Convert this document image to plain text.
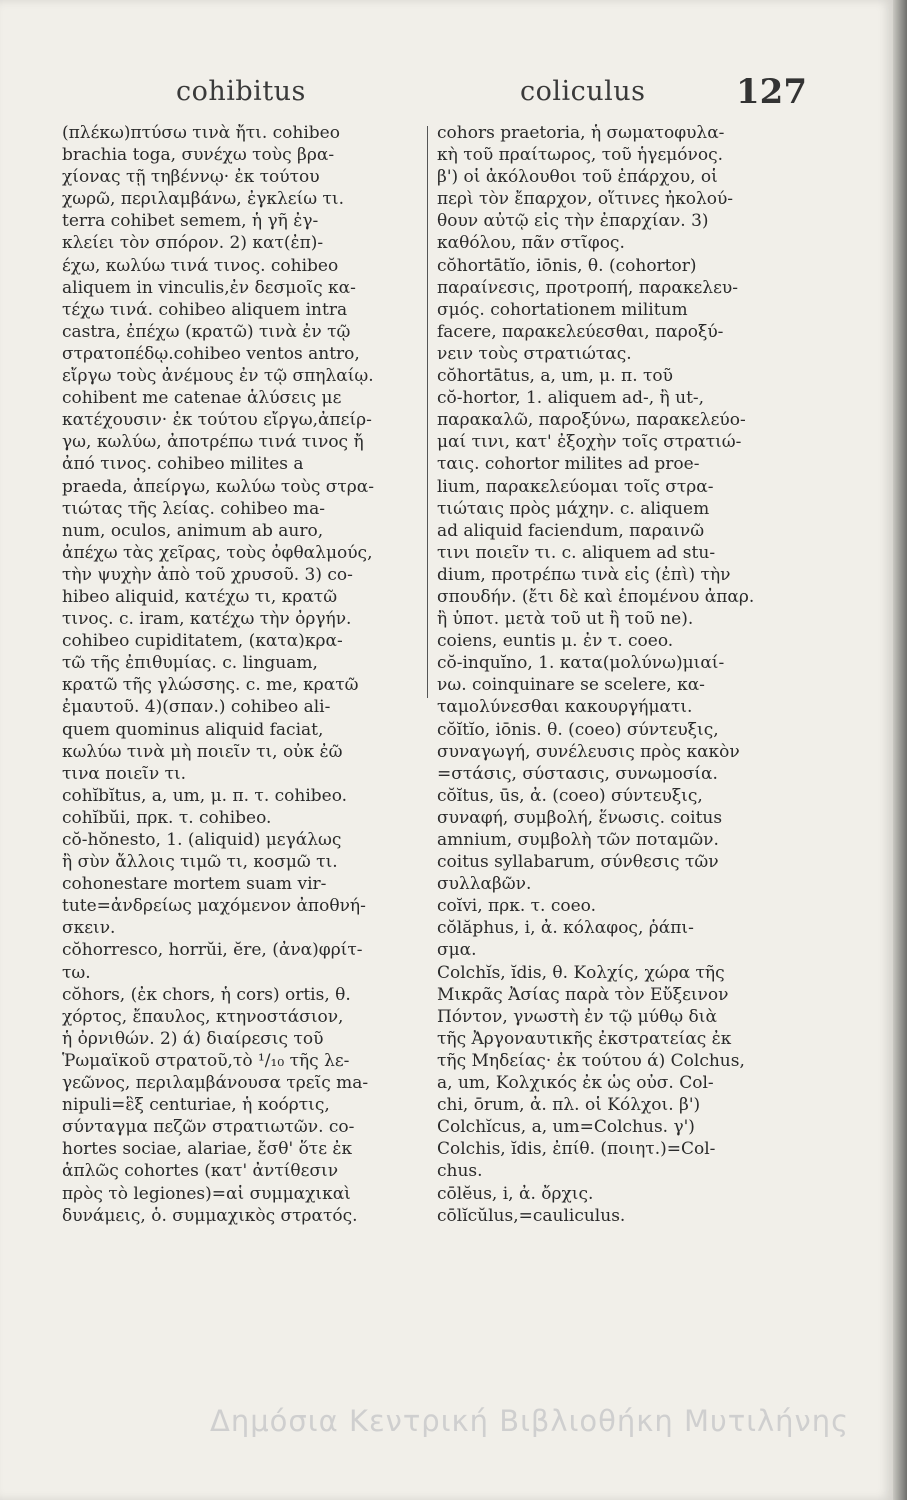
cohibitus	coliculus	127
(πλέκω)πτύσω τινὰ ἤτι. cohibeo
brachia toga, συνέχω τοὺς βρα-
χίονας τῇ τηβέννῳ· ἐκ τούτου
χωρῶ, περιλαμβάνω, ἐγκλείω τι.
terra cohibet semem, ἡ γῆ ἐγ-
κλείει τὸν σπόρον. 2) κατ(ἐπ)-
έχω, κωλύω τινά τινος. cohibeo
aliquem in vinculis,ἐν δεσμοῖς κα-
τέχω τινά. cohibeo aliquem intra
castra, ἐπέχω (κρατῶ) τινὰ ἐν τῷ
στρατοπέδῳ.cohibeo ventos antro,
εἴργω τοὺς ἀνέμους ἐν τῷ σπηλαίῳ.
cohibent me catenae ἁλύσεις με
κατέχουσιν· ἐκ τούτου εἴργω,ἀπείρ-
γω, κωλύω, ἀποτρέπω τινά τινος ἤ
ἀπό τινος. cohibeo milites a
praeda, ἀπείργω, κωλύω τοὺς στρα-
τιώτας τῆς λείας. cohibeo ma-
num, oculos, animum ab auro,
ἀπέχω τὰς χεῖρας, τοὺς ὀφθαλμούς,
τὴν ψυχὴν ἀπὸ τοῦ χρυσοῦ. 3) co-
hibeo aliquid, κατέχω τι, κρατῶ
τινος. c. iram, κατέχω τὴν ὀργήν.
cohibeo cupiditatem, (κατα)κρα-
τῶ τῆς ἐπιθυμίας. c. linguam,
κρατῶ τῆς γλώσσης. c. me, κρατῶ
ἐμαυτοῦ. 4)(σπαν.) cohibeo ali-
quem quominus aliquid faciat,
κωλύω τινὰ μὴ ποιεῖν τι, οὐκ ἐῶ
τινα ποιεῖν τι.
cohĭbĭtus, a, um, μ. π. τ. cohibeo.
cohĭbŭi, πρκ. τ. cohibeo.
cŏ-hŏnesto, 1. (aliquid) μεγάλως
ἢ σὺν ἄλλοις τιμῶ τι, κοσμῶ τι.
cohonestare mortem suam vir-
tute=ἀνδρείως μαχόμενον ἀποθνή-
σκειν.
cŏhorresco, horrŭi, ĕre, (ἀνα)φρίτ-
τω.
cŏhors, (ἐκ chors, ἡ cors) ortis, θ.
χόρτος, ἔπαυλος, κτηνοστάσιον,
ἡ ὀρνιθών. 2) ά) διαίρεσις τοῦ
Ῥωμαϊκοῦ στρατοῦ,τὸ ¹/₁₀ τῆς λε-
γεῶνος, περιλαμβάνουσα τρεῖς ma-
nipuli=ἓξ centuriae, ἡ κοόρτις,
σύνταγμα πεζῶν στρατιωτῶν. co-
hortes sociae, alariae, ἔσθ' ὅτε ἐκ
ἁπλῶς cohortes (κατ' ἀντίθεσιν
πρὸς τὸ legiones)=αἱ συμμαχικαὶ
δυνάμεις, ὁ. συμμαχικὸς στρατός.
cohors praetoria, ἡ σωματοφυλα-
κὴ τοῦ πραίτωρος, τοῦ ἡγεμόνος.
β') οἱ ἀκόλουθοι τοῦ ἐπάρχου, οἱ
περὶ τὸν ἔπαρχον, οἵτινες ἠκολού-
θουν αὐτῷ εἰς τὴν ἐπαρχίαν. 3)
καθόλου, πᾶν στῖφος.
cŏhortātĭo, iōnis, θ. (cohortor)
παραίνεσις, προτροπή, παρακελευ-
σμός. cohortationem militum
facere, παρακελεύεσθαι, παροξύ-
νειν τοὺς στρατιώτας.
cŏhortātus, a, um, μ. π. τοῦ
cŏ-hortor, 1. aliquem ad-, ἢ ut-,
παρακαλῶ, παροξύνω, παρακελεύο-
μαί τινι, κατ' ἐξοχὴν τοῖς στρατιώ-
ταις. cohortor milites ad proe-
lium, παρακελεύομαι τοῖς στρα-
τιώταις πρὸς μάχην. c. aliquem
ad aliquid faciendum, παραινῶ
τινι ποιεῖν τι. c. aliquem ad stu-
dium, προτρέπω τινὰ εἰς (ἐπὶ) τὴν
σπουδήν. (ἔτι δὲ καὶ ἑπομένου ἀπαρ.
ἢ ὑποτ. μετὰ τοῦ ut ἢ τοῦ ne).
coiens, euntis μ. ἐν τ. coeo.
cŏ-inquĭno, 1. κατα(μολύνω)μιαί-
νω. coinquinare se scelere, κα-
ταμολύνεσθαι κακουργήματι.
cŏĭtĭo, iōnis. θ. (coeo) σύντευξις,
συναγωγή, συνέλευσις πρὸς κακὸν
=στάσις, σύστασις, συνωμοσία.
cŏĭtus, ūs, ἀ. (coeo) σύντευξις,
συναφή, συμβολή, ἕνωσις. coitus
amnium, συμβολὴ τῶν ποταμῶν.
coitus syllabarum, σύνθεσις τῶν
συλλαβῶν.
coĭvi, πρκ. τ. coeo.
cŏlăphus, i, ἀ. κόλαφος, ῥάπι-
σμα.
Colchĭs, ĭdis, θ. Κολχίς, χώρα τῆς
Μικρᾶς Ἀσίας παρὰ τὸν Εὔξεινον
Πόντον, γνωστὴ ἐν τῷ μύθῳ διὰ
τῆς Ἀργοναυτικῆς ἐκστρατείας ἐκ
τῆς Μηδείας· ἐκ τούτου ά) Colchus,
a, um, Κολχικός ἐκ ὡς οὐσ. Col-
chi, ōrum, ἀ. πλ. οἱ Κόλχοι. β')
Colchĭcus, a, um=Colchus. γ')
Colchis, ĭdis, ἐπίθ. (ποιητ.)=Col-
chus.
cōlĕus, i, ἀ. ὄρχις.
cōlĭcŭlus,=cauliculus.
Δημόσια Κεντρική Βιβλιοθήκη Μυτιλήνης
